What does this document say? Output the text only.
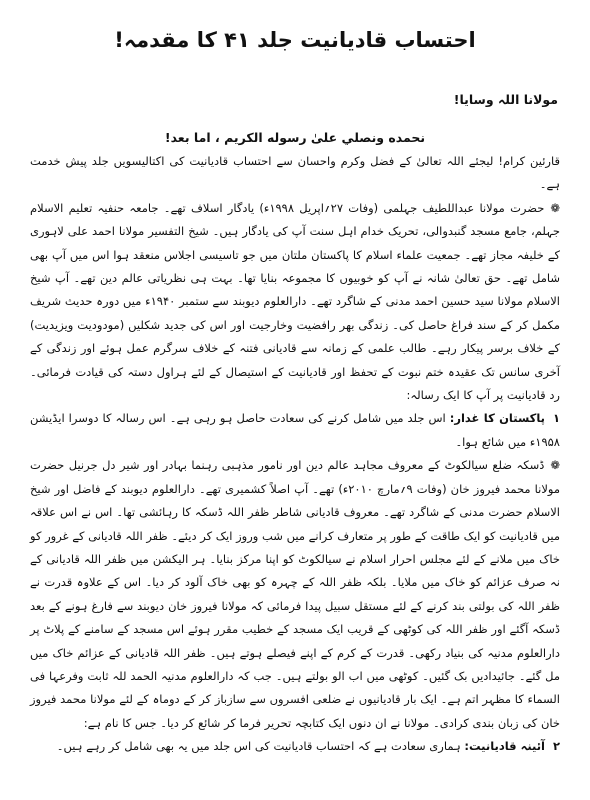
احتساب قادیانیت جلد ۴۱ کا مقدمہ!
مولانا اللہ وسایا!
نحمده ونصلي علىٰ رسوله الكريم ، اما بعد!

قارئین کرام! لیجئے اللہ تعالیٰ کے فضل وکرم واحسان سے احتساب قادیانیت کی اکتالیسویں جلد پیش خدمت ہے۔

❁حضرت مولانا عبداللطیف جہلمی (وفات ۲۷؍اپریل ۱۹۹۸ء) یادگار اسلاف تھے۔ جامعہ حنفیہ تعلیم الاسلام جہلم، جامع مسجد گنبدوالی، تحریک خدام اہل سنت آپ کی یادگار ہیں۔ شیخ التفسیر مولانا احمد علی لاہوری کے خلیفہ مجاز تھے۔ جمعیت علماء اسلام کا پاکستان ملتان میں جو تاسیسی اجلاس منعقد ہوا اس میں آپ بھی شامل تھے۔ حق تعالیٰ شانہ نے آپ کو خوبیوں کا مجموعہ بنایا تھا۔ بہت ہی نظریاتی عالم دین تھے۔ آپ شیخ الاسلام مولانا سید حسین احمد مدنی کے شاگرد تھے۔ دارالعلوم دیوبند سے ستمبر ۱۹۴۰ء میں دورہ حدیث شریف مکمل کر کے سند فراغ حاصل کی۔ زندگی بھر رافضیت وخارجیت اور اس کی جدید شکلیں (مودودیت ویزیدیت) کے خلاف برسر پیکار رہے۔ طالب علمی کے زمانہ سے قادیانی فتنہ کے خلاف سرگرم عمل ہوئے اور زندگی کے آخری سانس تک عقیدہ ختم نبوت کے تحفظ اور قادیانیت کے استیصال کے لئے ہراول دستہ کی قیادت فرمائی۔ رد قادیانیت پر آپ کا ایک رسالہ:

۱پاکستان کا غدار: اس جلد میں شامل کرنے کی سعادت حاصل ہو رہی ہے۔ اس رسالہ کا دوسرا ایڈیشن ۱۹۵۸ء میں شائع ہوا۔

❁ڈسکہ ضلع سیالکوٹ کے معروف مجاہد عالم دین اور نامور مذہبی رہنما بہادر اور شیر دل جرنیل حضرت مولانا محمد فیروز خان (وفات ۹؍مارچ ۲۰۱۰ء) تھے۔ آپ اصلاً کشمیری تھے۔ دارالعلوم دیوبند کے فاضل اور شیخ الاسلام حضرت مدنی کے شاگرد تھے۔ معروف قادیانی شاطر ظفر اللہ ڈسکہ کا رہائشی تھا۔ اس نے اس علاقہ میں قادیانیت کو ایک طاقت کے طور پر متعارف کرانے میں شب وروز ایک کر دیئے۔ ظفر اللہ قادیانی کے غرور کو خاک میں ملانے کے لئے مجلس احرار اسلام نے سیالکوٹ کو اپنا مرکز بنایا۔ ہر الیکشن میں ظفر اللہ قادیانی کے نہ صرف عزائم کو خاک میں ملایا۔ بلکہ ظفر اللہ کے چہرہ کو بھی خاک آلود کر دیا۔ اس کے علاوہ قدرت نے ظفر اللہ کی بولتی بند کرنے کے لئے مستقل سبیل پیدا فرمائی کہ مولانا فیروز خان دیوبند سے فارغ ہونے کے بعد ڈسکہ آگئے اور ظفر اللہ کی کوٹھی کے قریب ایک مسجد کے خطیب مقرر ہوئے اس مسجد کے سامنے کے پلاٹ پر دارالعلوم مدنیہ کی بنیاد رکھی۔ قدرت کے کرم کے اپنے فیصلے ہوتے ہیں۔ ظفر اللہ قادیانی کے عزائم خاک میں مل گئے۔ جائیدادیں بک گئیں۔ کوٹھی میں اب الو بولتے ہیں۔ جب کہ دارالعلوم مدنیہ الحمد للہ ثابت وفرعہا فی السماء کا مظہر اتم ہے۔ ایک بار قادیانیوں نے ضلعی افسروں سے سازباز کر کے دوماہ کے لئے مولانا محمد فیروز خان کی زبان بندی کرادی۔ مولانا نے ان دنوں ایک کتابچہ تحریر فرما کر شائع کر دیا۔ جس کا نام ہے:

۲آئینہ قادیانیت: ہماری سعادت ہے کہ احتساب قادیانیت کی اس جلد میں یہ بھی شامل کر رہے ہیں۔
